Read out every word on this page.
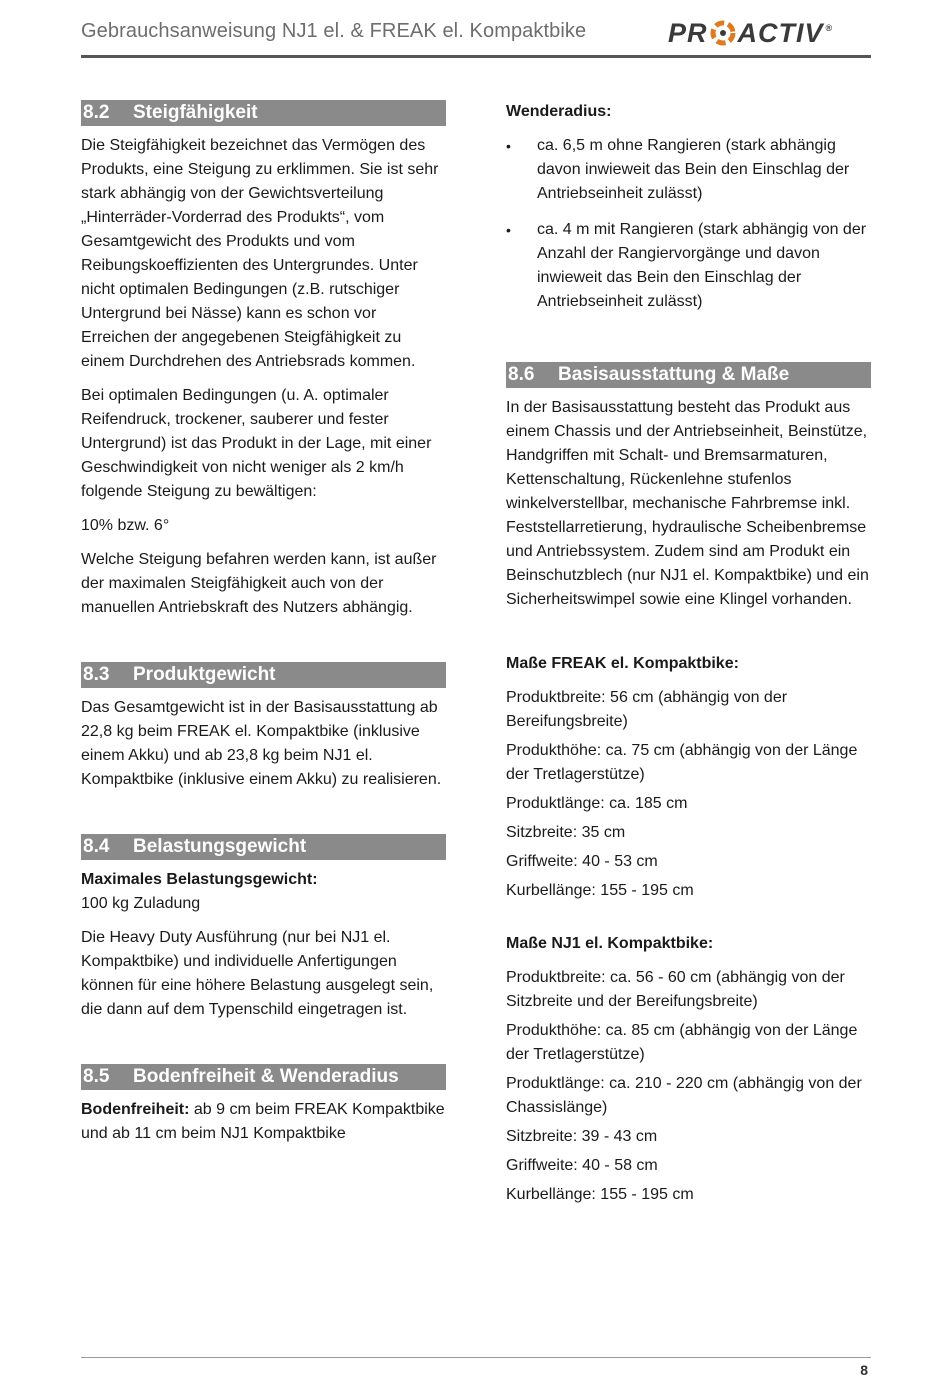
Gebrauchsanweisung NJ1 el. & FREAK el. Kompaktbike	PR ACTIV ®
8.2	Steigfähigkeit

Die Steigfähigkeit bezeichnet das Vermögen des Produkts, eine Steigung zu erklimmen. Sie ist sehr stark abhängig von der Gewichtsverteilung „Hinterräder-Vorderrad des Produkts“, vom Gesamtgewicht des Produkts und vom Reibungskoeffizienten des Untergrundes. Unter nicht optimalen Bedingungen (z.B. rutschiger Untergrund bei Nässe) kann es schon vor Erreichen der angegebenen Steigfähigkeit zu einem Durchdrehen des Antriebsrads kommen.

Bei optimalen Bedingungen (u. A. optimaler Reifendruck, trockener, sauberer und fester Untergrund) ist das Produkt in der Lage, mit einer Geschwindigkeit von nicht weniger als 2 km/h folgende Steigung zu bewältigen:

10% bzw. 6°

Welche Steigung befahren werden kann, ist außer der maximalen Steigfähigkeit auch von der manuellen Antriebskraft des Nutzers abhängig.

8.3	Produktgewicht

Das Gesamtgewicht ist in der Basisausstattung ab 22,8 kg beim FREAK el. Kompaktbike (inklusive einem Akku) und ab 23,8 kg beim NJ1 el. Kompaktbike (inklusive einem Akku) zu realisieren.

8.4	Belastungsgewicht

Maximales Belastungsgewicht:
100 kg Zuladung

Die Heavy Duty Ausführung (nur bei NJ1 el. Kompaktbike) und individuelle Anfertigungen können für eine höhere Belastung ausgelegt sein, die dann auf dem Typenschild eingetragen ist.

8.5	Bodenfreiheit & Wenderadius

Bodenfreiheit: ab 9 cm beim FREAK Kompaktbike und ab 11 cm beim NJ1 Kompaktbike

Wenderadius:
• ca. 6,5 m ohne Rangieren (stark abhängig davon inwieweit das Bein den Einschlag der Antriebseinheit zulässt)
• ca. 4 m mit Rangieren (stark abhängig von der Anzahl der Rangiervorgänge und davon inwieweit das Bein den Einschlag der Antriebseinheit zulässt)
8.6	Basisausstattung & Maße

In der Basisausstattung besteht das Produkt aus einem Chassis und der Antriebseinheit, Beinstütze, Handgriffen mit Schalt- und Bremsarmaturen, Kettenschaltung, Rückenlehne stufenlos winkelverstellbar, mechanische Fahrbremse inkl. Feststellarretierung, hydraulische Scheibenbremse und Antriebssystem. Zudem sind am Produkt ein Beinschutzblech (nur NJ1 el. Kompaktbike) und ein Sicherheitswimpel sowie eine Klingel vorhanden.

Maße FREAK el. Kompaktbike:

Produktbreite: 56 cm (abhängig von der Bereifungsbreite)

Produkthöhe: ca. 75 cm (abhängig von der Länge der Tretlagerstütze)

Produktlänge: ca. 185 cm

Sitzbreite: 35 cm

Griffweite: 40 - 53 cm

Kurbellänge: 155 - 195 cm

Maße NJ1 el. Kompaktbike:

Produktbreite: ca. 56 - 60 cm (abhängig von der Sitzbreite und der Bereifungsbreite)

Produkthöhe: ca. 85 cm (abhängig von der Länge der Tretlagerstütze)

Produktlänge: ca. 210 - 220 cm (abhängig von der Chassislänge)

Sitzbreite: 39 - 43 cm

Griffweite: 40 - 58 cm

Kurbellänge: 155 - 195 cm

8
